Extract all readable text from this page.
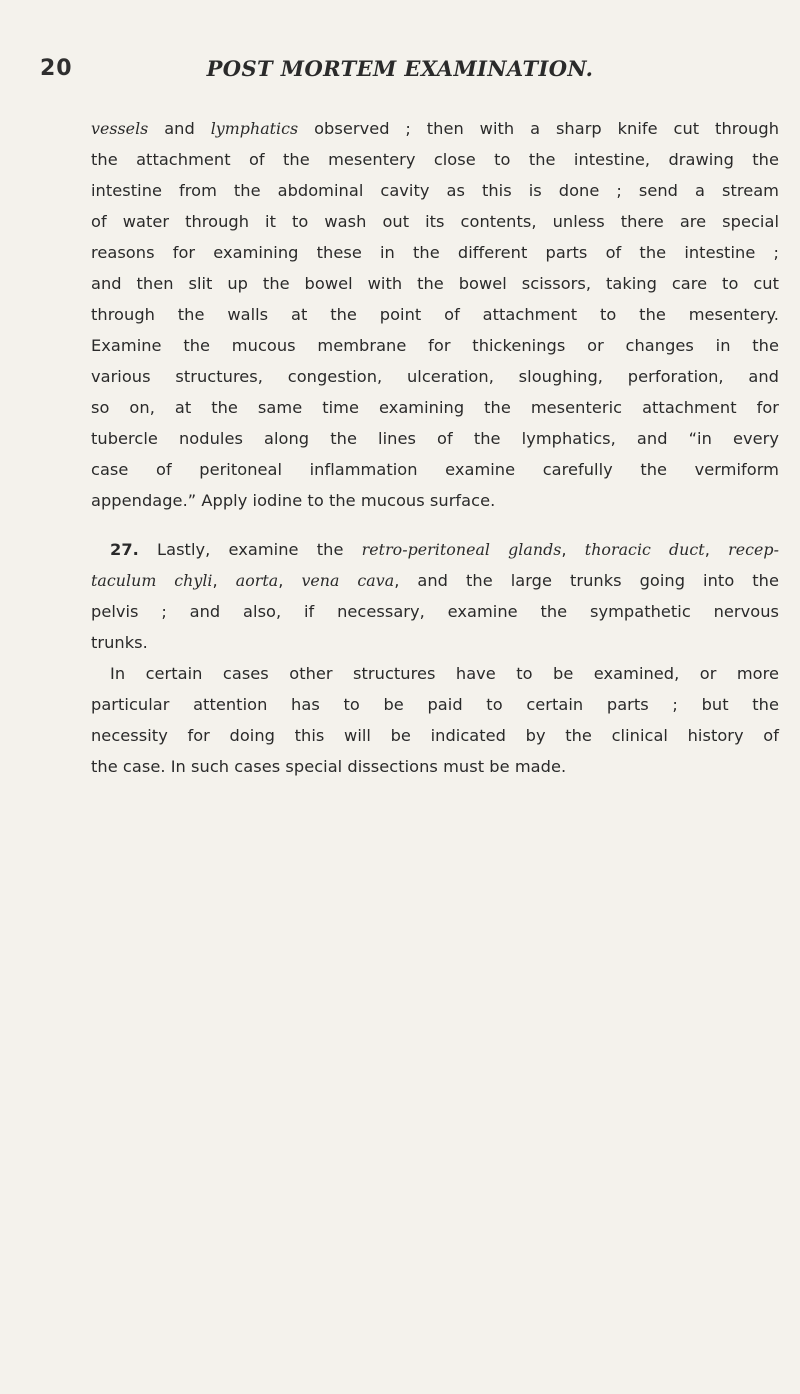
20	POST MORTEM EXAMINATION.
vessels and lymphatics observed ; then with a sharp knife cut through
the attachment of the mesentery close to the intestine, drawing the
intestine from the abdominal cavity as this is done ; send a stream
of water through it to wash out its contents, unless there are special
reasons for examining these in the different parts of the intestine ;
and then slit up the bowel with the bowel scissors, taking care to cut
through the walls at the point of attachment to the mesentery.
Examine the mucous membrane for thickenings or changes in the
various structures, congestion, ulceration, sloughing, perforation, and
so on, at the same time examining the mesenteric attachment for
tubercle nodules along the lines of the lymphatics, and “in every
case of peritoneal inflammation examine carefully the vermiform
appendage.” Apply iodine to the mucous surface.
27. Lastly, examine the retro-peritoneal glands, thoracic duct, recep-
taculum chyli, aorta, vena cava, and the large trunks going into the
pelvis ; and also, if necessary, examine the sympathetic nervous
trunks.
In certain cases other structures have to be examined, or more
particular attention has to be paid to certain parts ; but the
necessity for doing this will be indicated by the clinical history of
the case. In such cases special dissections must be made.
